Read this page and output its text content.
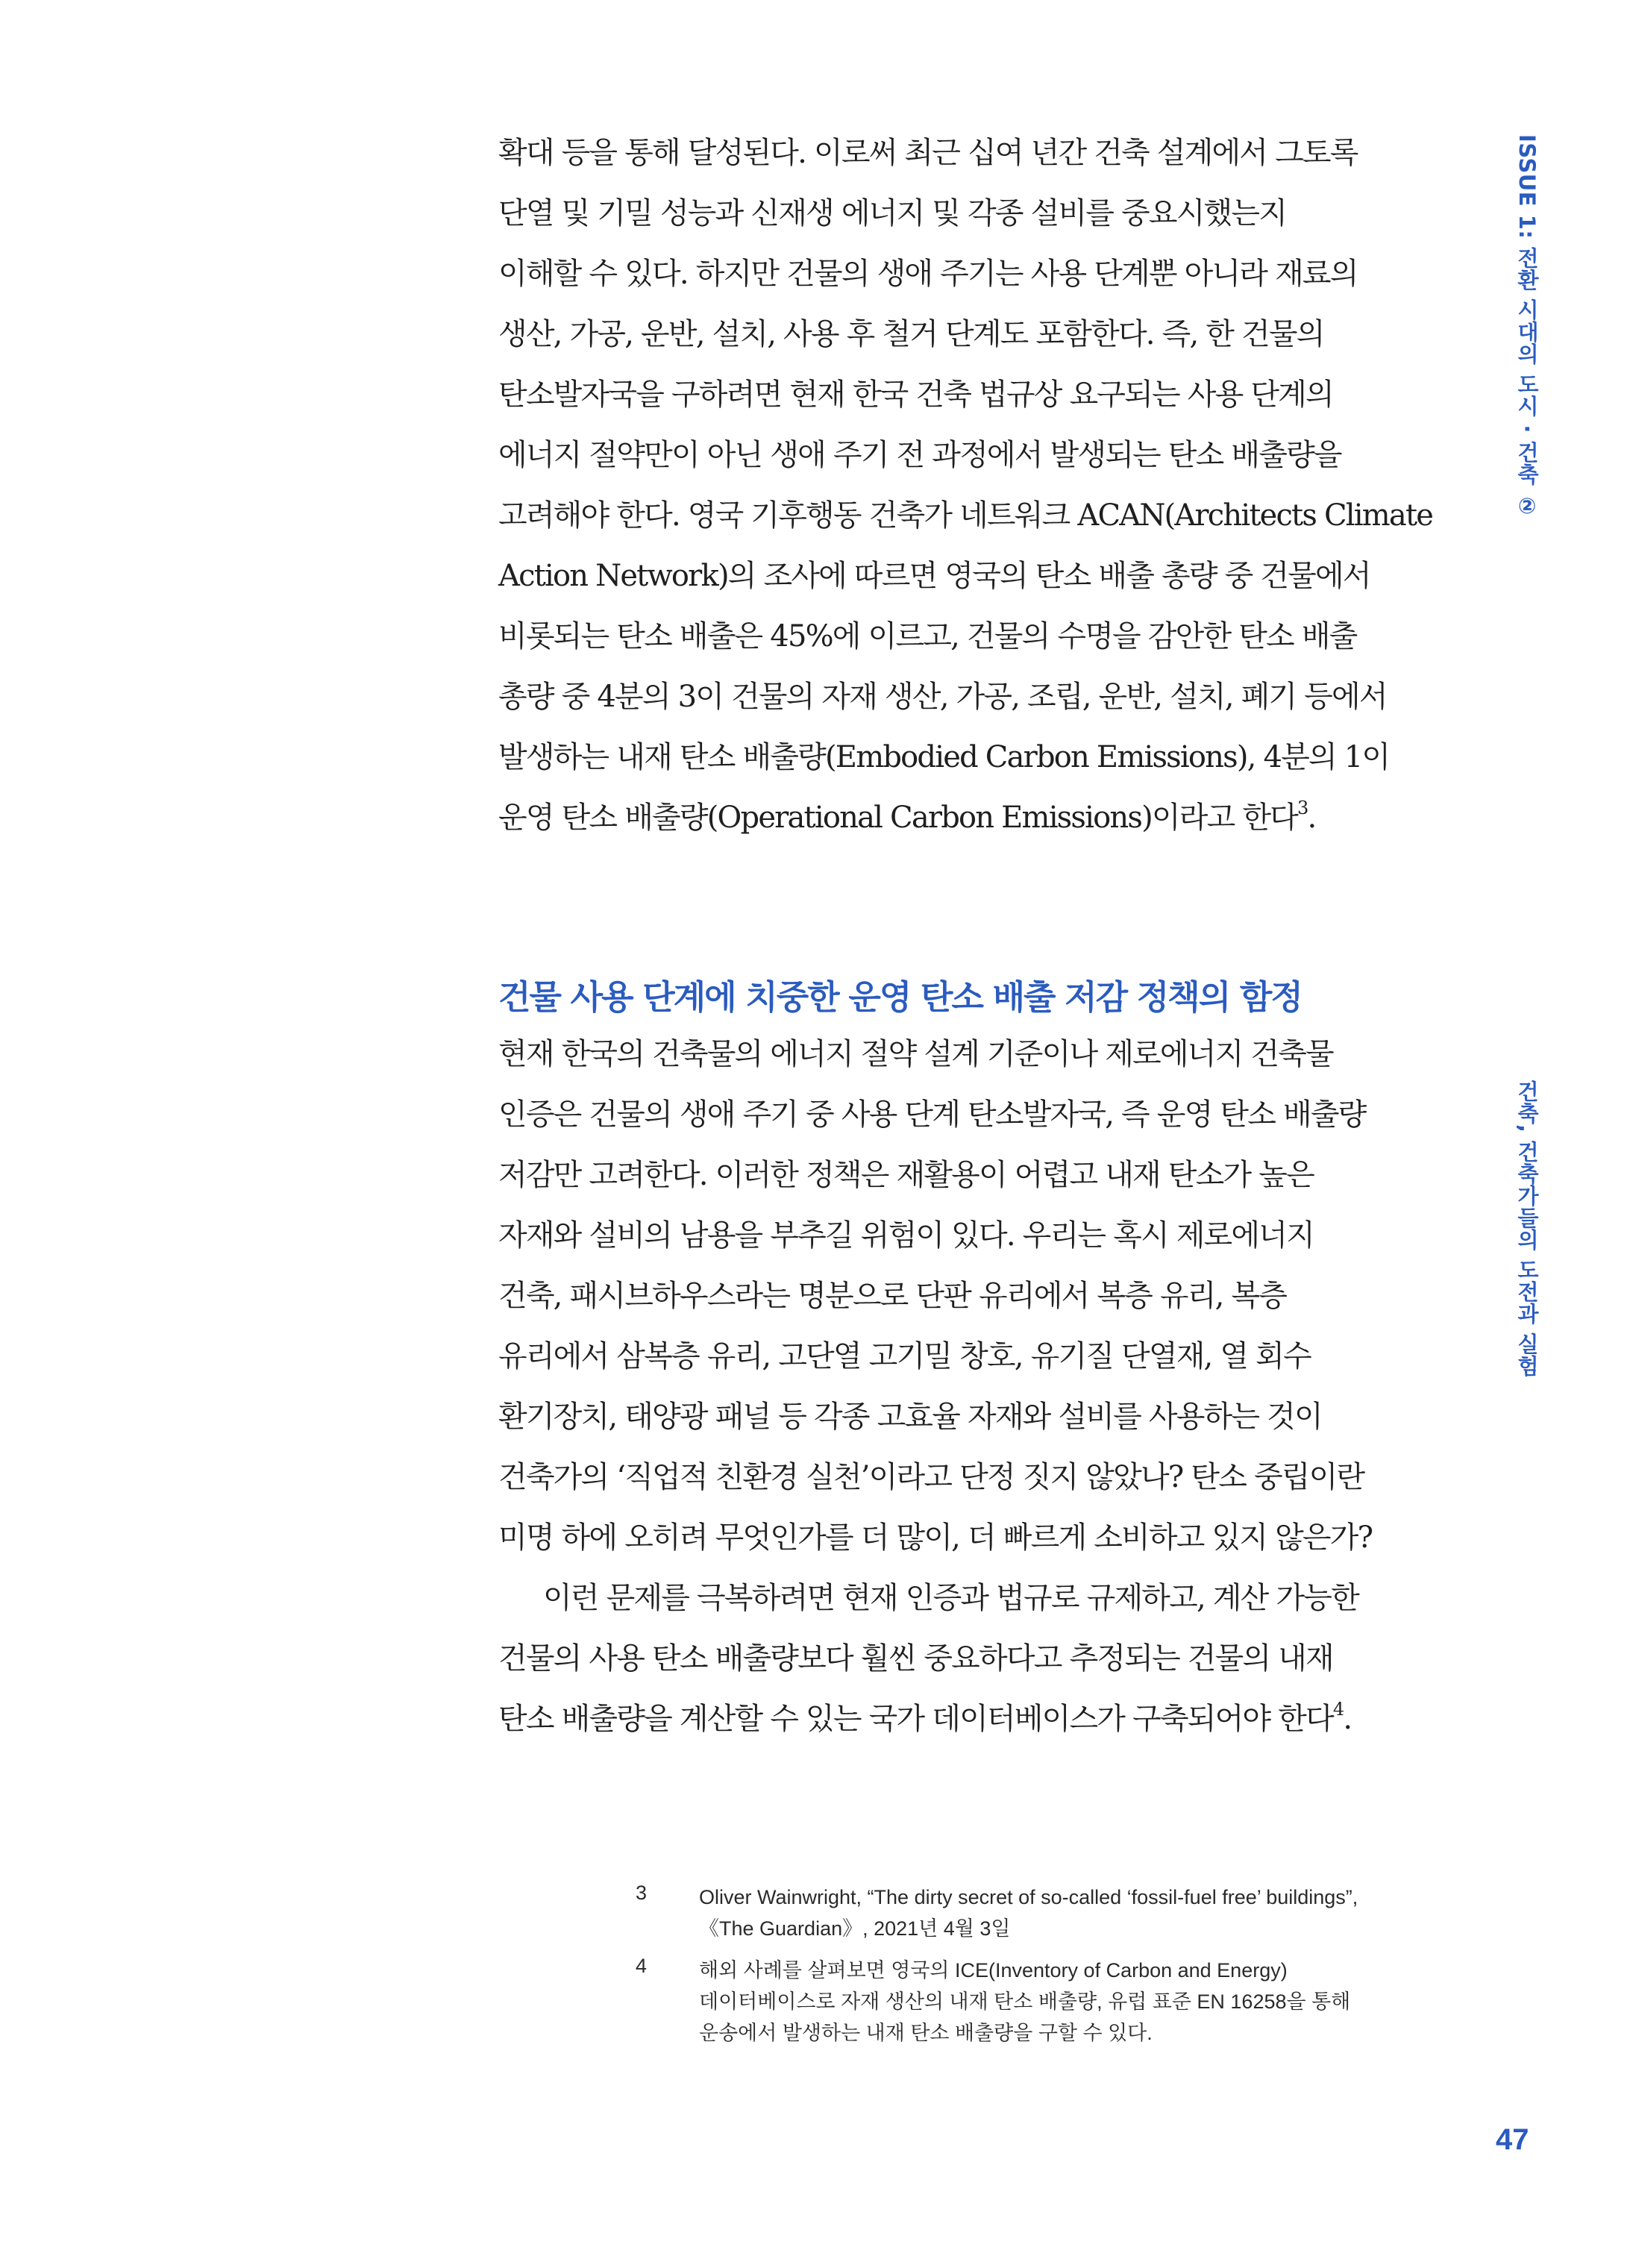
ISSUE 1: 전환 시대의 도시 · 건축 ②
건축, 건축가들의 도전과 실험
확대 등을 통해 달성된다. 이로써 최근 십여 년간 건축 설계에서 그토록
단열 및 기밀 성능과 신재생 에너지 및 각종 설비를 중요시했는지
이해할 수 있다. 하지만 건물의 생애 주기는 사용 단계뿐 아니라 재료의
생산, 가공, 운반, 설치, 사용 후 철거 단계도 포함한다. 즉, 한 건물의
탄소발자국을 구하려면 현재 한국 건축 법규상 요구되는 사용 단계의
에너지 절약만이 아닌 생애 주기 전 과정에서 발생되는 탄소 배출량을
고려해야 한다. 영국 기후행동 건축가 네트워크 ACAN(Architects Climate
Action Network)의 조사에 따르면 영국의 탄소 배출 총량 중 건물에서
비롯되는 탄소 배출은 45%에 이르고, 건물의 수명을 감안한 탄소 배출
총량 중 4분의 3이 건물의 자재 생산, 가공, 조립, 운반, 설치, 폐기 등에서
발생하는 내재 탄소 배출량(Embodied Carbon Emissions), 4분의 1이
운영 탄소 배출량(Operational Carbon Emissions)이라고 한다$^3$.
건물 사용 단계에 치중한 운영 탄소 배출 저감 정책의 함정
현재 한국의 건축물의 에너지 절약 설계 기준이나 제로에너지 건축물
인증은 건물의 생애 주기 중 사용 단계 탄소발자국, 즉 운영 탄소 배출량
저감만 고려한다. 이러한 정책은 재활용이 어렵고 내재 탄소가 높은
자재와 설비의 남용을 부추길 위험이 있다. 우리는 혹시 제로에너지
건축, 패시브하우스라는 명분으로 단판 유리에서 복층 유리, 복층
유리에서 삼복층 유리, 고단열 고기밀 창호, 유기질 단열재, 열 회수
환기장치, 태양광 패널 등 각종 고효율 자재와 설비를 사용하는 것이
건축가의 ‘직업적 친환경 실천’이라고 단정 짓지 않았나? 탄소 중립이란
미명 하에 오히려 무엇인가를 더 많이, 더 빠르게 소비하고 있지 않은가?
이런 문제를 극복하려면 현재 인증과 법규로 규제하고, 계산 가능한
건물의 사용 탄소 배출량보다 훨씬 중요하다고 추정되는 건물의 내재
탄소 배출량을 계산할 수 있는 국가 데이터베이스가 구축되어야 한다$^4$.
3	Oliver Wainwright, “The dirty secret of so-called ‘fossil-fuel free’ buildings”,
《The Guardian》, 2021년 4월 3일
4	해외 사례를 살펴보면 영국의 ICE(Inventory of Carbon and Energy)
데이터베이스로 자재 생산의 내재 탄소 배출량, 유럽 표준 EN 16258을 통해
운송에서 발생하는 내재 탄소 배출량을 구할 수 있다.
47
